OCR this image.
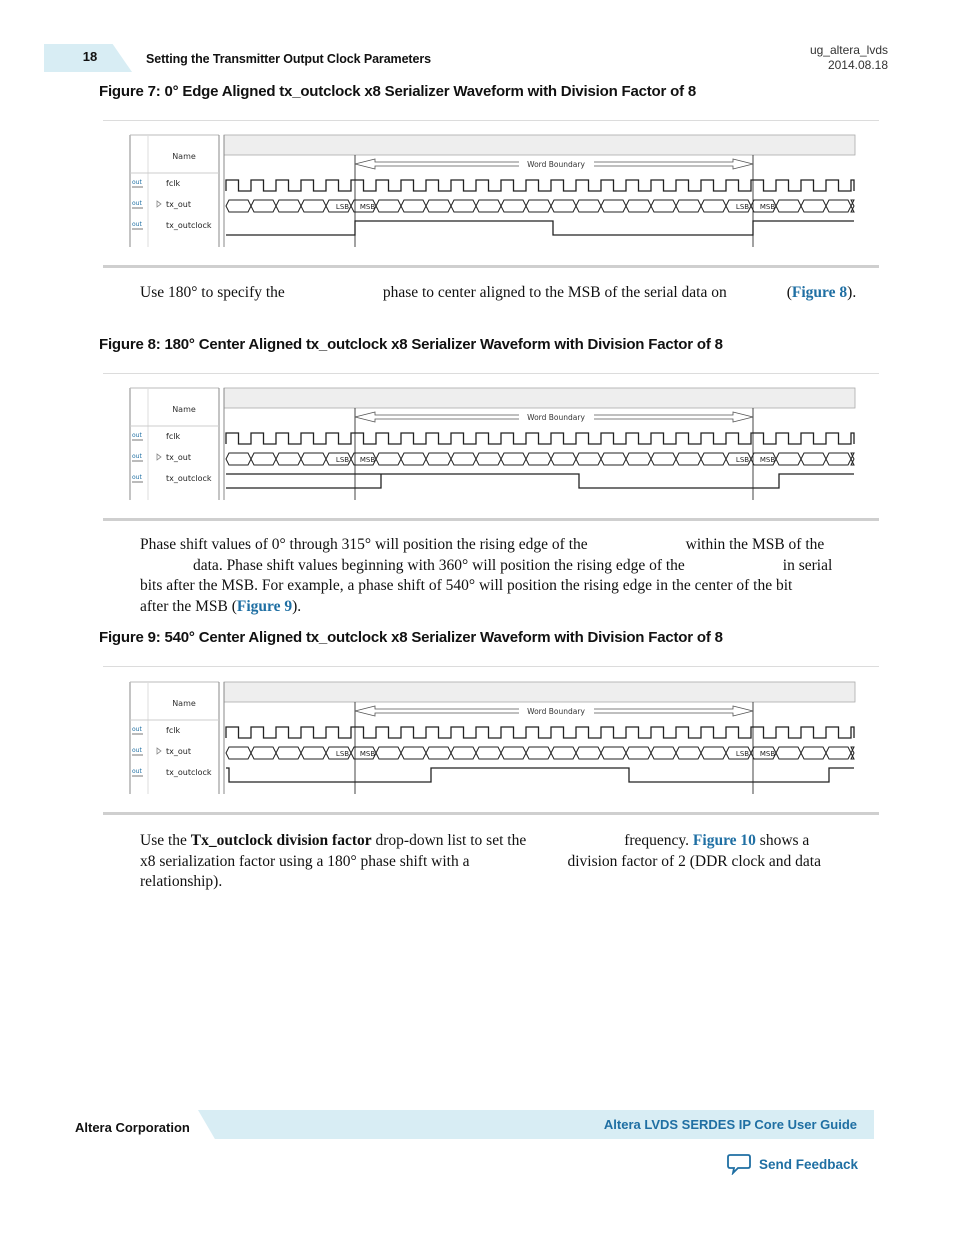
18	Setting the Transmitter Output Clock Parameters
ug_altera_lvds
2014.08.18
Figure 7: 0° Edge Aligned tx_outclock x8 Serializer Waveform with Division Factor of 8
Name
Word Boundary
out	fclk
out	tx_out
out	tx_outclock
LSB MSB	LSB MSB
Use 180° to specify the	phase to center aligned to the MSB of the serial data on	(Figure 8).
Figure 8: 180° Center Aligned tx_outclock x8 Serializer Waveform with Division Factor of 8
Name
Word Boundary
out	fclk
out	tx_out
out	tx_outclock
LSB MSB	LSB MSB
Phase shift values of 0° through 315° will position the rising edge of the	within the MSB of the
data. Phase shift values beginning with 360° will position the rising edge of the	in serial
bits after the MSB. For example, a phase shift of 540° will position the rising edge in the center of the bit
after the MSB (Figure 9).
Figure 9: 540° Center Aligned tx_outclock x8 Serializer Waveform with Division Factor of 8
Name
Word Boundary
out	fclk
out	tx_out
out	tx_outclock
LSB MSB	LSB MSB
Use the Tx_outclock division factor drop-down list to set the	frequency. Figure 10 shows a
x8 serialization factor using a 180° phase shift with a	division factor of 2 (DDR clock and data
relationship).
Altera Corporation	Altera LVDS SERDES IP Core User Guide
Send Feedback
